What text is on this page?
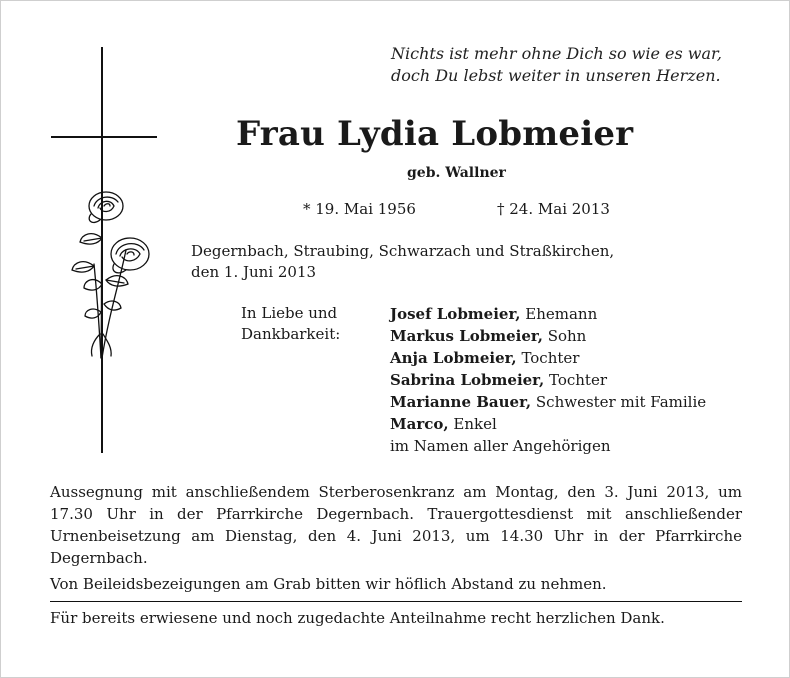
Nichts ist mehr ohne Dich so wie es war,
doch Du lebst weiter in unseren Herzen.
Frau Lydia Lobmeier
geb. Wallner
* 19. Mai 1956	† 24. Mai 2013
Degernbach, Straubing, Schwarzach und Straßkirchen,
den 1. Juni 2013
In Liebe und
Dankbarkeit:
Josef Lobmeier, Ehemann
Markus Lobmeier, Sohn
Anja Lobmeier, Tochter
Sabrina Lobmeier, Tochter
Marianne Bauer, Schwester mit Familie
Marco, Enkel
im Namen aller Angehörigen

Aussegnung mit anschließendem Sterberosenkranz am Montag, den 3. Juni 2013, um 17.30 Uhr in der Pfarrkirche Degernbach. Trauergottesdienst mit anschließender Urnenbeisetzung am Dienstag, den 4. Juni 2013, um 14.30 Uhr in der Pfarrkirche Degernbach.

Von Beileidsbezeigungen am Grab bitten wir höflich Abstand zu nehmen.

Für bereits erwiesene und noch zugedachte Anteilnahme recht herzlichen Dank.
